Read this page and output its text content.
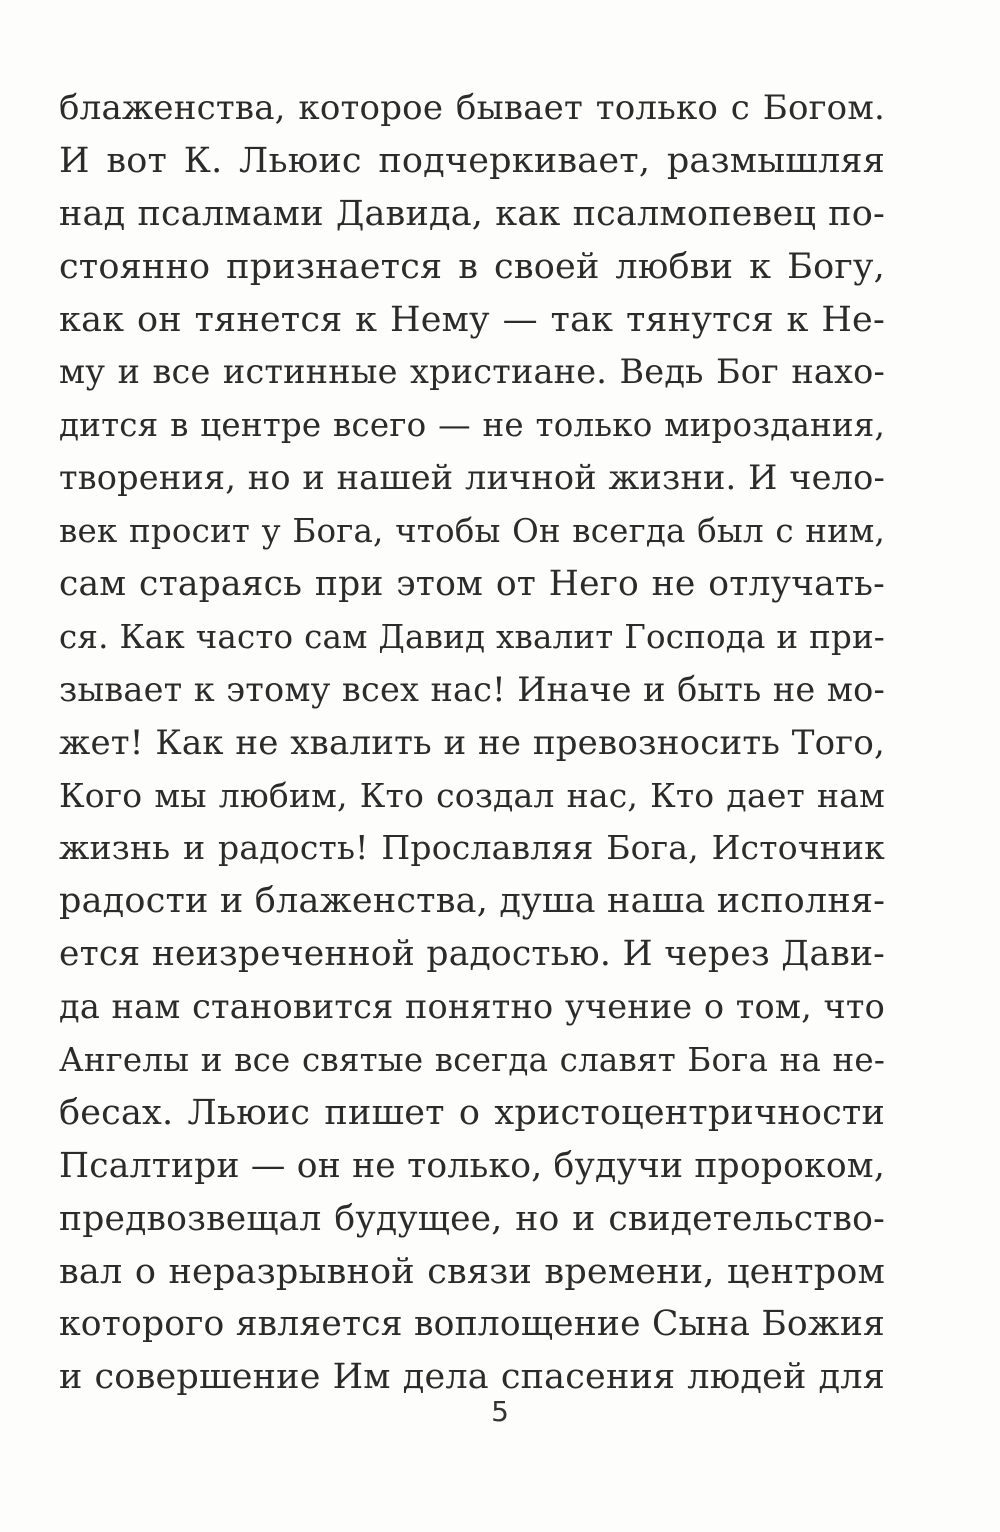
блаженства, которое бывает только с Богом.
И вот К. Льюис подчеркивает, размышляя
над псалмами Давида, как псалмопевец по-
стоянно признается в своей любви к Богу,
как он тянется к Нему — так тянутся к Не-
му и все истинные христиане. Ведь Бог нахо-
дится в центре всего — не только мироздания,
творения, но и нашей личной жизни. И чело-
век просит у Бога, чтобы Он всегда был с ним,
сам стараясь при этом от Него не отлучать-
ся. Как часто сам Давид хвалит Господа и при-
зывает к этому всех нас! Иначе и быть не мо-
жет! Как не хвалить и не превозносить Того,
Кого мы любим, Кто создал нас, Кто дает нам
жизнь и радость! Прославляя Бога, Источник
радости и блаженства, душа наша исполня-
ется неизреченной радостью. И через Дави-
да нам становится понятно учение о том, что
Ангелы и все святые всегда славят Бога на не-
бесах. Льюис пишет о христоцентричности
Псалтири — он не только, будучи пророком,
предвозвещал будущее, но и свидетельство-
вал о неразрывной связи времени, центром
которого является воплощение Сына Божия
и совершение Им дела спасения людей для
5
